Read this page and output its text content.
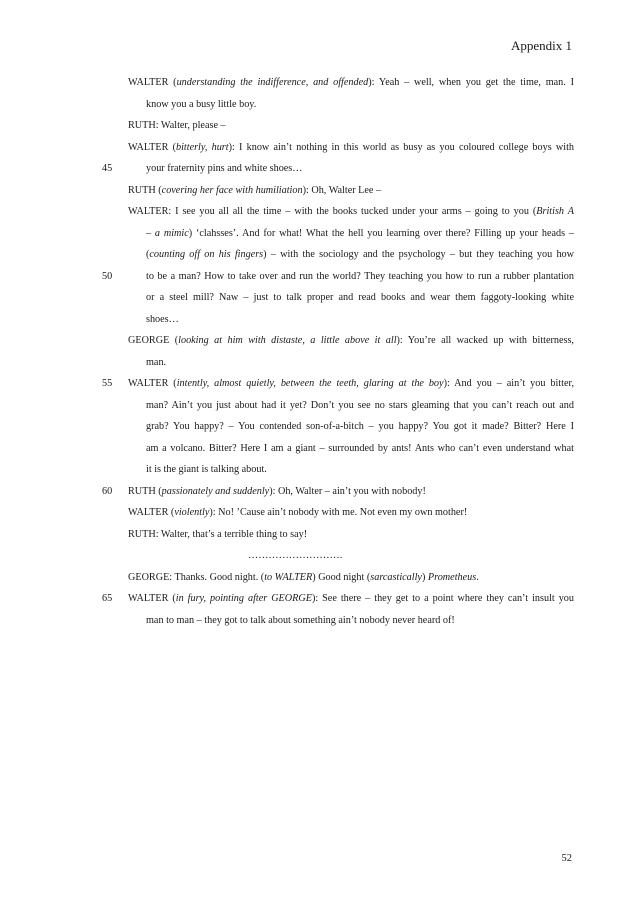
Appendix 1
WALTER (understanding the indifference, and offended): Yeah – well, when you get the time, man. I
know you a busy little boy.
RUTH: Walter, please –
WALTER (bitterly, hurt): I know ain’t nothing in this world as busy as you coloured college boys with
45	your fraternity pins and white shoes…
RUTH (covering her face with humiliation): Oh, Walter Lee –
WALTER: I see you all all the time – with the books tucked under your arms – going to you (British A
– a mimic) ‘clahsses’. And for what! What the hell you learning over there? Filling up your heads –
(counting off on his fingers) – with the sociology and the psychology – but they teaching you how
50	to be a man? How to take over and run the world? They teaching you how to run a rubber plantation
or a steel mill? Naw – just to talk proper and read books and wear them faggoty-looking white
shoes…
GEORGE (looking at him with distaste, a little above it all): You’re all wacked up with bitterness,
man.
55 WALTER (intently, almost quietly, between the teeth, glaring at the boy): And you – ain’t you bitter,
man? Ain’t you just about had it yet? Don’t you see no stars gleaming that you can’t reach out and
grab? You happy? – You contended son-of-a-bitch – you happy? You got it made? Bitter? Here I
am a volcano. Bitter? Here I am a giant – surrounded by ants! Ants who can’t even understand what
it is the giant is talking about.
60 RUTH (passionately and suddenly): Oh, Walter – ain’t you with nobody!
WALTER (violently): No! ’Cause ain’t nobody with me. Not even my own mother!
RUTH: Walter, that’s a terrible thing to say!
……………………….
GEORGE: Thanks. Good night. (to WALTER) Good night (sarcastically) Prometheus.
65 WALTER (in fury, pointing after GEORGE): See there – they get to a point where they can’t insult you
man to man – they got to talk about something ain’t nobody never heard of!
52
